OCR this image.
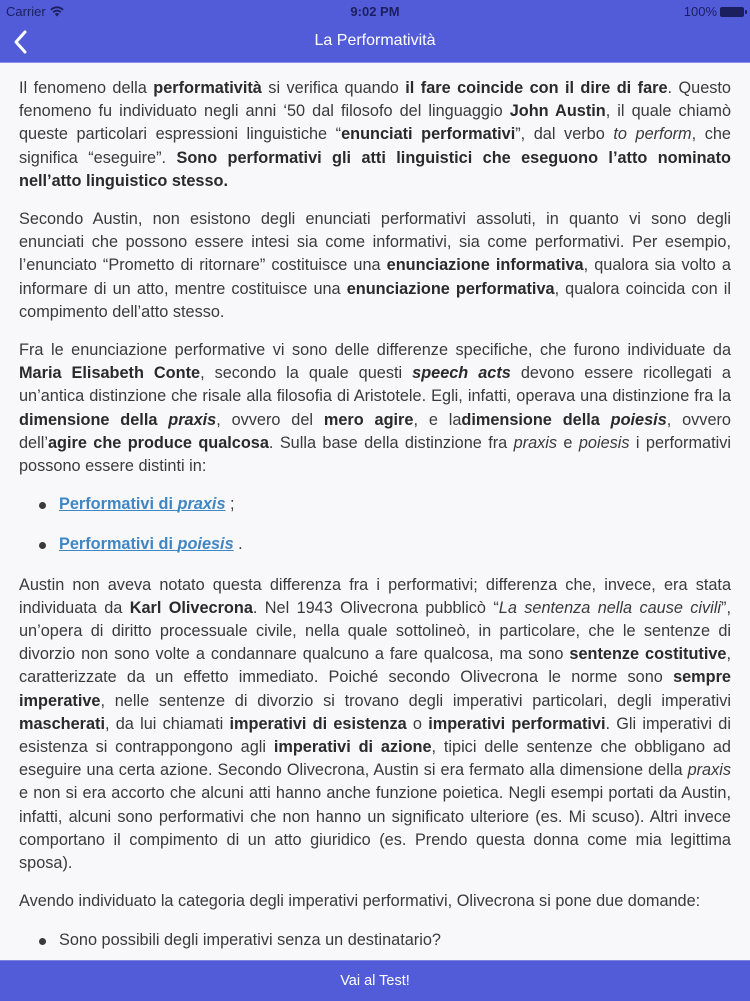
Carrier	9:02 PM	100%
La Performatività

Il fenomeno della performatività si verifica quando il fare coincide con il dire di fare. Questo fenomeno fu individuato negli anni ‘50 dal filosofo del linguaggio John Austin, il quale chiamò queste particolari espressioni linguistiche “enunciati performativi”, dal verbo to perform, che significa “eseguire”. Sono performativi gli atti linguistici che eseguono l’atto nominato nell’atto linguistico stesso.

Secondo Austin, non esistono degli enunciati performativi assoluti, in quanto vi sono degli enunciati che possono essere intesi sia come informativi, sia come performativi. Per esempio, l’enunciato “Prometto di ritornare” costituisce una enunciazione informativa, qualora sia volto a informare di un atto, mentre costituisce una enunciazione performativa, qualora coincida con il compimento dell’atto stesso.

Fra le enunciazione performative vi sono delle differenze specifiche, che furono individuate da Maria Elisabeth Conte, secondo la quale questi speech acts devono essere ricollegati a un’antica distinzione che risale alla filosofia di Aristotele. Egli, infatti, operava una distinzione fra la dimensione della praxis, ovvero del mero agire, e ladimensione della poiesis, ovvero dell’agire che produce qualcosa. Sulla base della distinzione fra praxis e poiesis i performativi possono essere distinti in:

Performativi di praxis ;
Performativi di poiesis .

Austin non aveva notato questa differenza fra i performativi; differenza che, invece, era stata individuata da Karl Olivecrona. Nel 1943 Olivecrona pubblicò “La sentenza nella cause civili”, un’opera di diritto processuale civile, nella quale sottolineò, in particolare, che le sentenze di divorzio non sono volte a condannare qualcuno a fare qualcosa, ma sono sentenze costitutive, caratterizzate da un effetto immediato. Poiché secondo Olivecrona le norme sono sempre imperative, nelle sentenze di divorzio si trovano degli imperativi particolari, degli imperativi mascherati, da lui chiamati imperativi di esistenza o imperativi performativi. Gli imperativi di esistenza si contrappongono agli imperativi di azione, tipici delle sentenze che obbligano ad eseguire una certa azione. Secondo Olivecrona, Austin si era fermato alla dimensione della praxis e non si era accorto che alcuni atti hanno anche funzione poietica. Negli esempi portati da Austin, infatti, alcuni sono performativi che non hanno un significato ulteriore (es. Mi scuso). Altri invece comportano il compimento di un atto giuridico (es. Prendo questa donna come mia legittima sposa).

Avendo individuato la categoria degli imperativi performativi, Olivecrona si pone due domande:

Sono possibili degli imperativi senza un destinatario?
Vai al Test!
